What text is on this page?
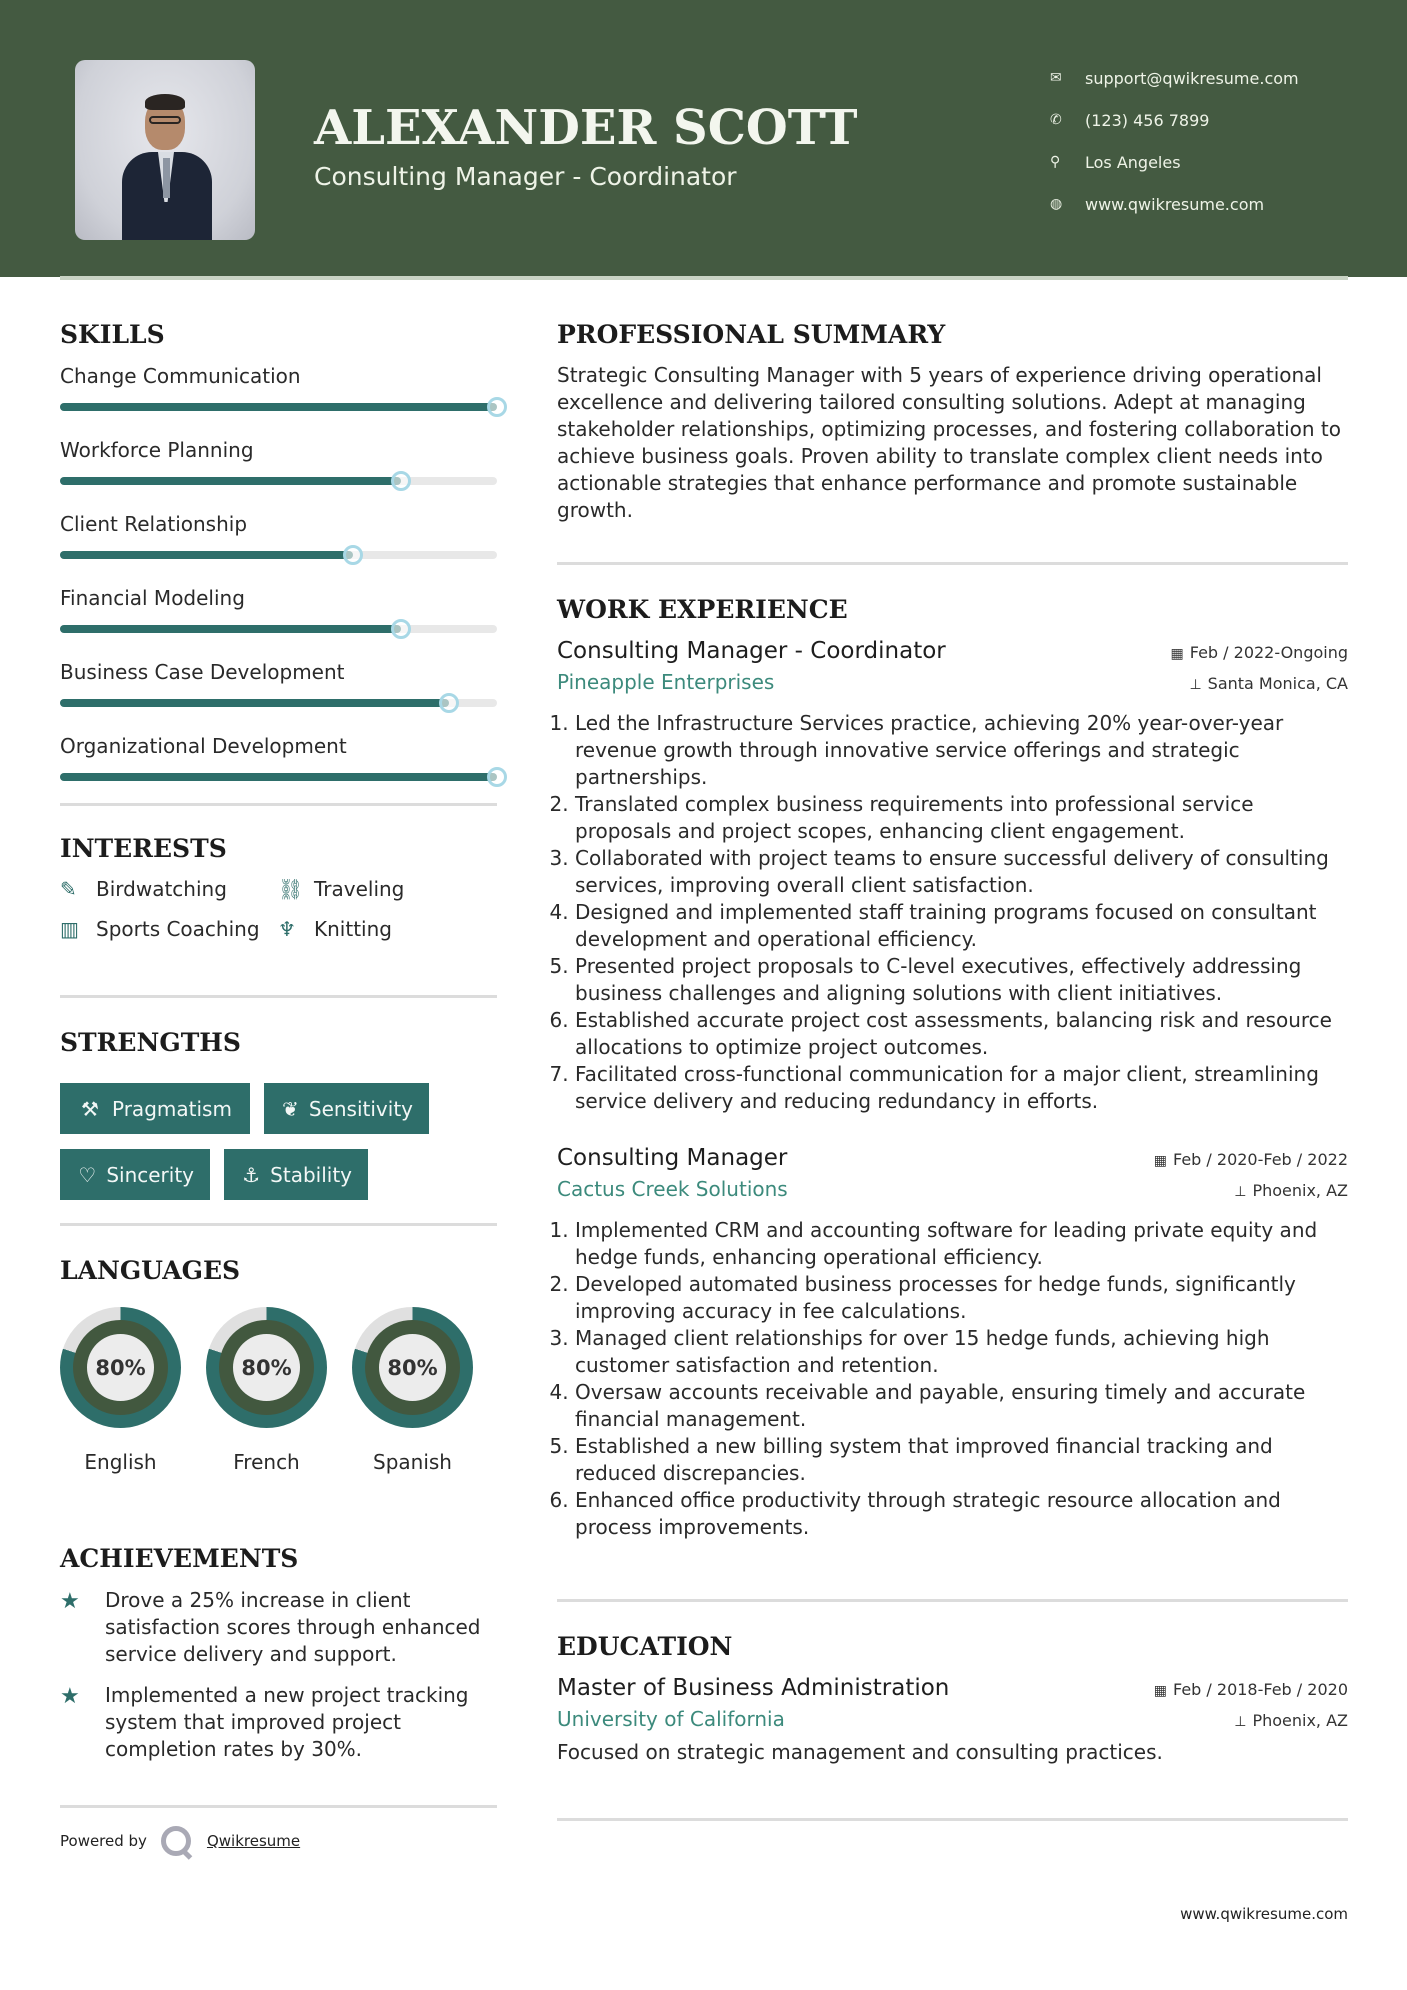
ALEXANDER SCOTT
Consulting Manager - Coordinator
✉	support@qwikresume.com
✆	(123) 456 7899
⚲	Los Angeles
◍	www.qwikresume.com
SKILLS
Change Communication
Workforce Planning
Client Relationship
Financial Modeling
Business Case Development
Organizational Development
INTERESTS
✎ Birdwatching	⛓ Traveling
▥ Sports Coaching ♆ Knitting
STRENGTHS
⚒ Pragmatism	❦ Sensitivity
♡ Sincerity	⚓ Stability
LANGUAGES
80%
English
80%
French
80%
Spanish
ACHIEVEMENTS
★	Drove a 25% increase in client satisfaction scores through enhanced service delivery and support.
★	Implemented a new project tracking system that improved project completion rates by 30%.
Powered by	Qwikresume
PROFESSIONAL SUMMARY

Strategic Consulting Manager with 5 years of experience driving operational excellence and delivering tailored consulting solutions. Adept at managing stakeholder relationships, optimizing processes, and fostering collaboration to achieve business goals. Proven ability to translate complex client needs into actionable strategies that enhance performance and promote sustainable growth.

WORK EXPERIENCE
Consulting Manager - Coordinator	▦ Feb / 2022-Ongoing
Pineapple Enterprises	⊥ Santa Monica, CA
1. Led the Infrastructure Services practice, achieving 20% year-over-year revenue growth through innovative service offerings and strategic partnerships.
2. Translated complex business requirements into professional service proposals and project scopes, enhancing client engagement.
3. Collaborated with project teams to ensure successful delivery of consulting services, improving overall client satisfaction.
4. Designed and implemented staff training programs focused on consultant development and operational efficiency.
5. Presented project proposals to C-level executives, effectively addressing business challenges and aligning solutions with client initiatives.
6. Established accurate project cost assessments, balancing risk and resource allocations to optimize project outcomes.
7. Facilitated cross-functional communication for a major client, streamlining service delivery and reducing redundancy in efforts.
Consulting Manager	▦ Feb / 2020-Feb / 2022
Cactus Creek Solutions	⊥ Phoenix, AZ
1. Implemented CRM and accounting software for leading private equity and hedge funds, enhancing operational efficiency.
2. Developed automated business processes for hedge funds, significantly improving accuracy in fee calculations.
3. Managed client relationships for over 15 hedge funds, achieving high customer satisfaction and retention.
4. Oversaw accounts receivable and payable, ensuring timely and accurate financial management.
5. Established a new billing system that improved financial tracking and reduced discrepancies.
6. Enhanced office productivity through strategic resource allocation and process improvements.
EDUCATION
Master of Business Administration	▦ Feb / 2018-Feb / 2020
University of California	⊥ Phoenix, AZ

Focused on strategic management and consulting practices.

www.qwikresume.com
